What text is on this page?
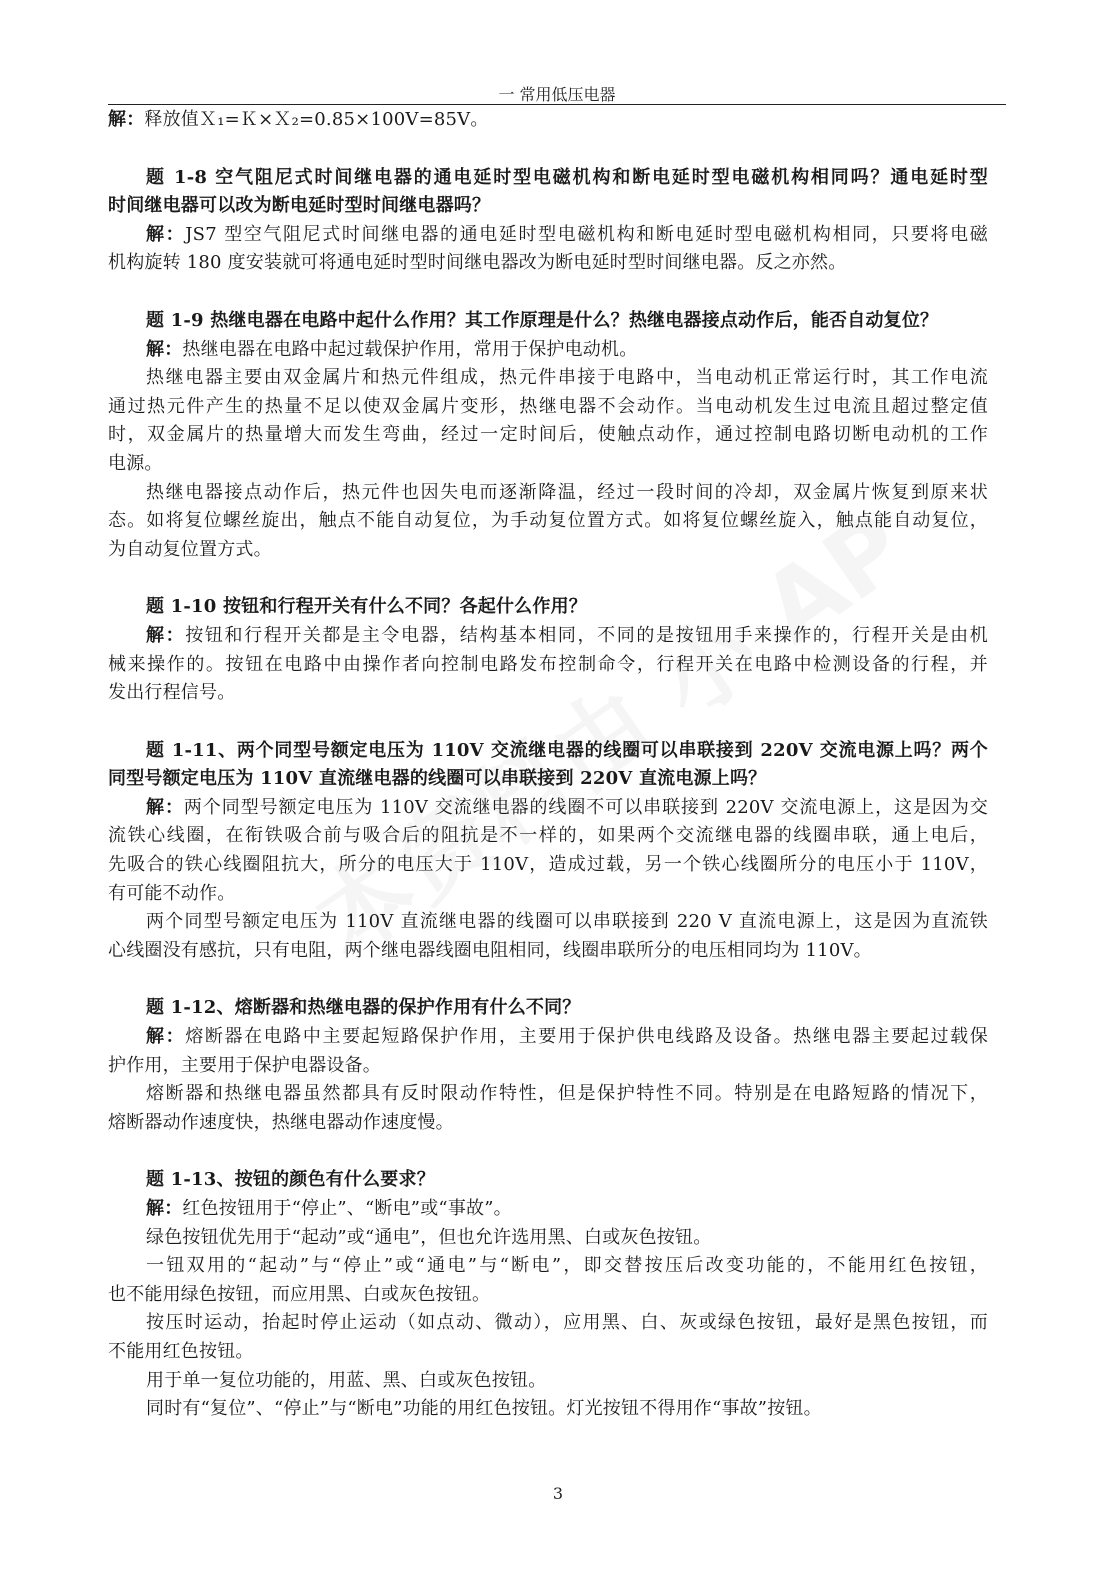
一 常用低压电器
解：释放值Ｘ₁=Ｋ×Ｘ₂=0.85×100V=85V。
题 1-8 空气阻尼式时间继电器的通电延时型电磁机构和断电延时型电磁机构相同吗？通电延时型
时间继电器可以改为断电延时型时间继电器吗？
解：JS7 型空气阻尼式时间继电器的通电延时型电磁机构和断电延时型电磁机构相同，只要将电磁
机构旋转 180 度安装就可将通电延时型时间继电器改为断电延时型时间继电器。反之亦然。
题 1-9 热继电器在电路中起什么作用？其工作原理是什么？热继电器接点动作后，能否自动复位？
解：热继电器在电路中起过载保护作用，常用于保护电动机。
热继电器主要由双金属片和热元件组成，热元件串接于电路中，当电动机正常运行时，其工作电流
通过热元件产生的热量不足以使双金属片变形，热继电器不会动作。当电动机发生过电流且超过整定值
时，双金属片的热量增大而发生弯曲，经过一定时间后，使触点动作，通过控制电路切断电动机的工作
电源。
热继电器接点动作后，热元件也因失电而逐渐降温，经过一段时间的冷却，双金属片恢复到原来状
态。如将复位螺丝旋出，触点不能自动复位，为手动复位置方式。如将复位螺丝旋入，触点能自动复位，
为自动复位置方式。
题 1-10 按钮和行程开关有什么不同？各起什么作用？
解：按钮和行程开关都是主令电器，结构基本相同，不同的是按钮用手来操作的，行程开关是由机
械来操作的。按钮在电路中由操作者向控制电路发布控制命令，行程开关在电路中检测设备的行程，并
发出行程信号。
题 1-11、两个同型号额定电压为 110V 交流继电器的线圈可以串联接到 220V 交流电源上吗？两个
同型号额定电压为 110V 直流继电器的线圈可以串联接到 220V 直流电源上吗？
解：两个同型号额定电压为 110V 交流继电器的线圈不可以串联接到 220V 交流电源上，这是因为交
流铁心线圈，在衔铁吸合前与吸合后的阻抗是不一样的，如果两个交流继电器的线圈串联，通上电后，
先吸合的铁心线圈阻抗大，所分的电压大于 110V，造成过载，另一个铁心线圈所分的电压小于 110V，
有可能不动作。
两个同型号额定电压为 110V 直流继电器的线圈可以串联接到 220 V 直流电源上，这是因为直流铁
心线圈没有感抗，只有电阻，两个继电器线圈电阻相同，线圈串联所分的电压相同均为 110V。
题 1-12、熔断器和热继电器的保护作用有什么不同？
解：熔断器在电路中主要起短路保护作用，主要用于保护供电线路及设备。热继电器主要起过载保
护作用，主要用于保护电器设备。
熔断器和热继电器虽然都具有反时限动作特性，但是保护特性不同。特别是在电路短路的情况下，
熔断器动作速度快，热继电器动作速度慢。
题 1-13、按钮的颜色有什么要求？
解：红色按钮用于“停止”、“断电”或“事故”。
绿色按钮优先用于“起动”或“通电”，但也允许选用黑、白或灰色按钮。
一钮双用的“起动”与“停止”或“通电”与“断电”，即交替按压后改变功能的，不能用红色按钮，
也不能用绿色按钮，而应用黑、白或灰色按钮。
按压时运动，抬起时停止运动（如点动、微动），应用黑、白、灰或绿色按钮，最好是黑色按钮，而
不能用红色按钮。
用于单一复位功能的，用蓝、黑、白或灰色按钮。
同时有“复位”、“停止”与“断电”功能的用红色按钮。灯光按钮不得用作“事故”按钮。
3
